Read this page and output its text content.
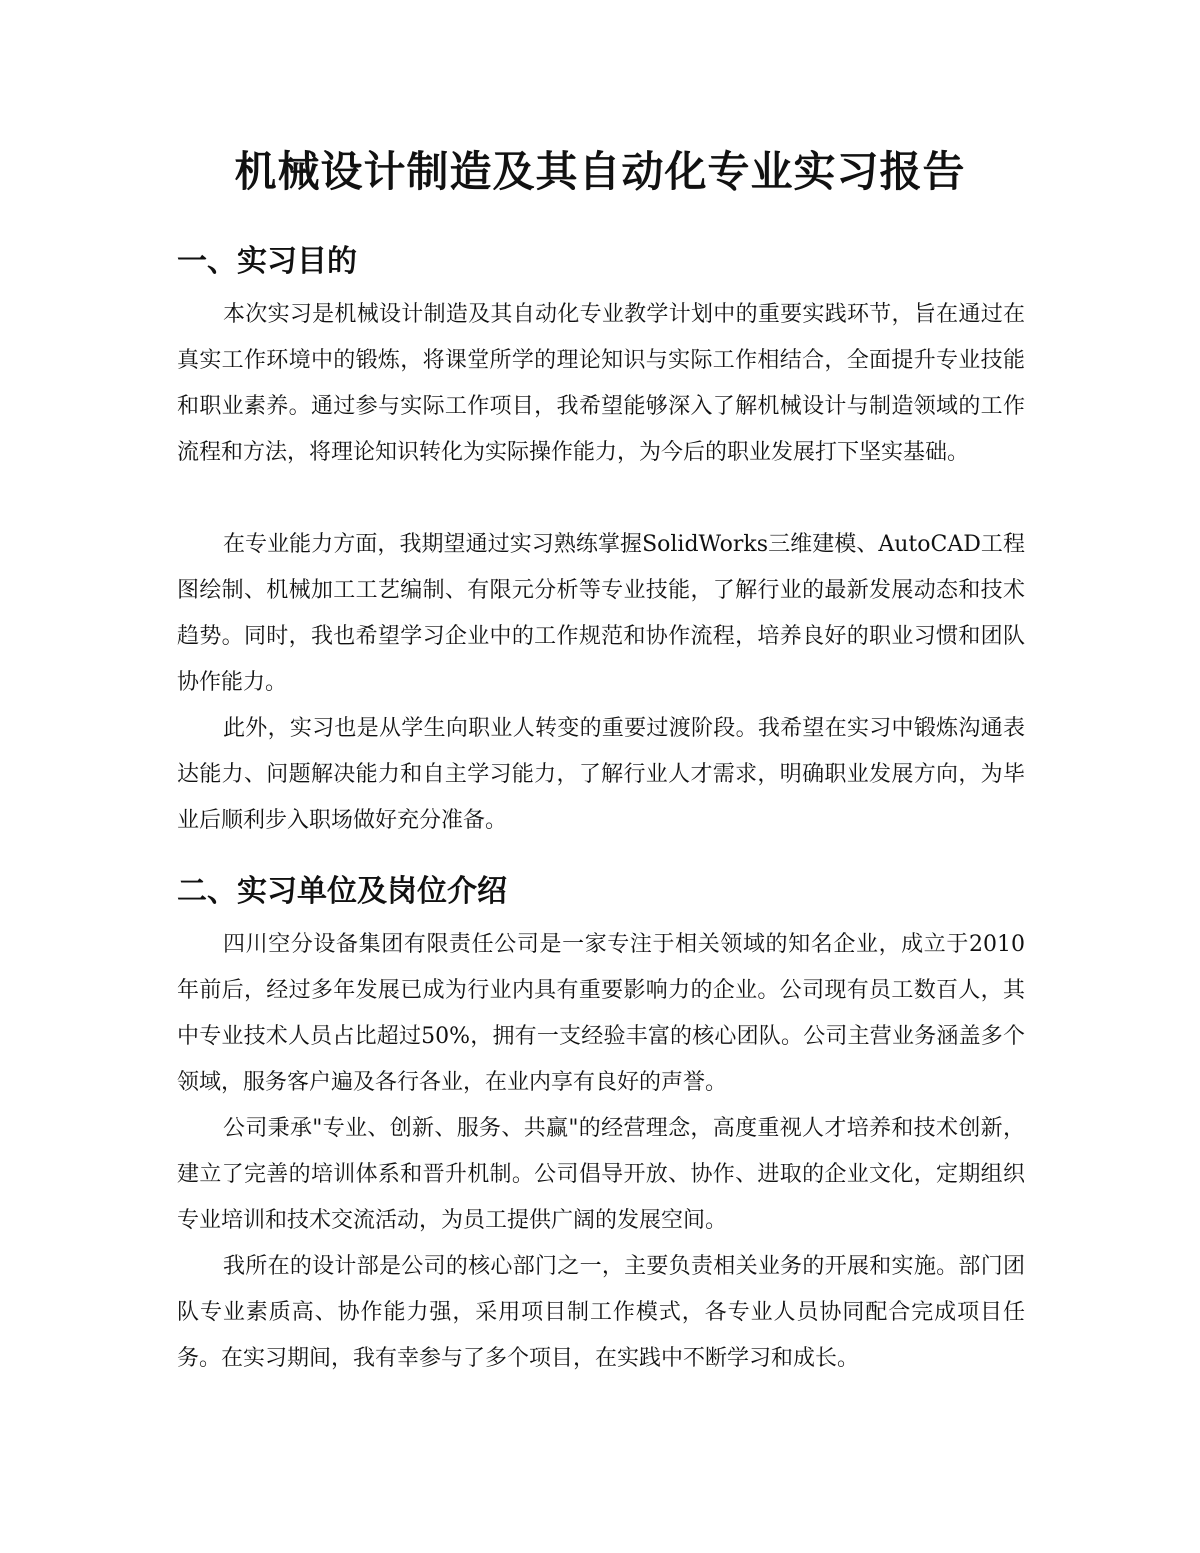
机械设计制造及其自动化专业实习报告
一、实习目的

本次实习是机械设计制造及其自动化专业教学计划中的重要实践环节，旨在通过在真实工作环境中的锻炼，将课堂所学的理论知识与实际工作相结合，全面提升专业技能和职业素养。通过参与实际工作项目，我希望能够深入了解机械设计与制造领域的工作流程和方法，将理论知识转化为实际操作能力，为今后的职业发展打下坚实基础。

在专业能力方面，我期望通过实习熟练掌握SolidWorks三维建模、AutoCAD工程图绘制、机械加工工艺编制、有限元分析等专业技能，了解行业的最新发展动态和技术趋势。同时，我也希望学习企业中的工作规范和协作流程，培养良好的职业习惯和团队协作能力。

此外，实习也是从学生向职业人转变的重要过渡阶段。我希望在实习中锻炼沟通表达能力、问题解决能力和自主学习能力，了解行业人才需求，明确职业发展方向，为毕业后顺利步入职场做好充分准备。

二、实习单位及岗位介绍

四川空分设备集团有限责任公司是一家专注于相关领域的知名企业，成立于2010年前后，经过多年发展已成为行业内具有重要影响力的企业。公司现有员工数百人，其中专业技术人员占比超过50%，拥有一支经验丰富的核心团队。公司主营业务涵盖多个领域，服务客户遍及各行各业，在业内享有良好的声誉。

公司秉承"专业、创新、服务、共赢"的经营理念，高度重视人才培养和技术创新，建立了完善的培训体系和晋升机制。公司倡导开放、协作、进取的企业文化，定期组织专业培训和技术交流活动，为员工提供广阔的发展空间。

我所在的设计部是公司的核心部门之一，主要负责相关业务的开展和实施。部门团队专业素质高、协作能力强，采用项目制工作模式，各专业人员协同配合完成项目任务。在实习期间，我有幸参与了多个项目，在实践中不断学习和成长。
